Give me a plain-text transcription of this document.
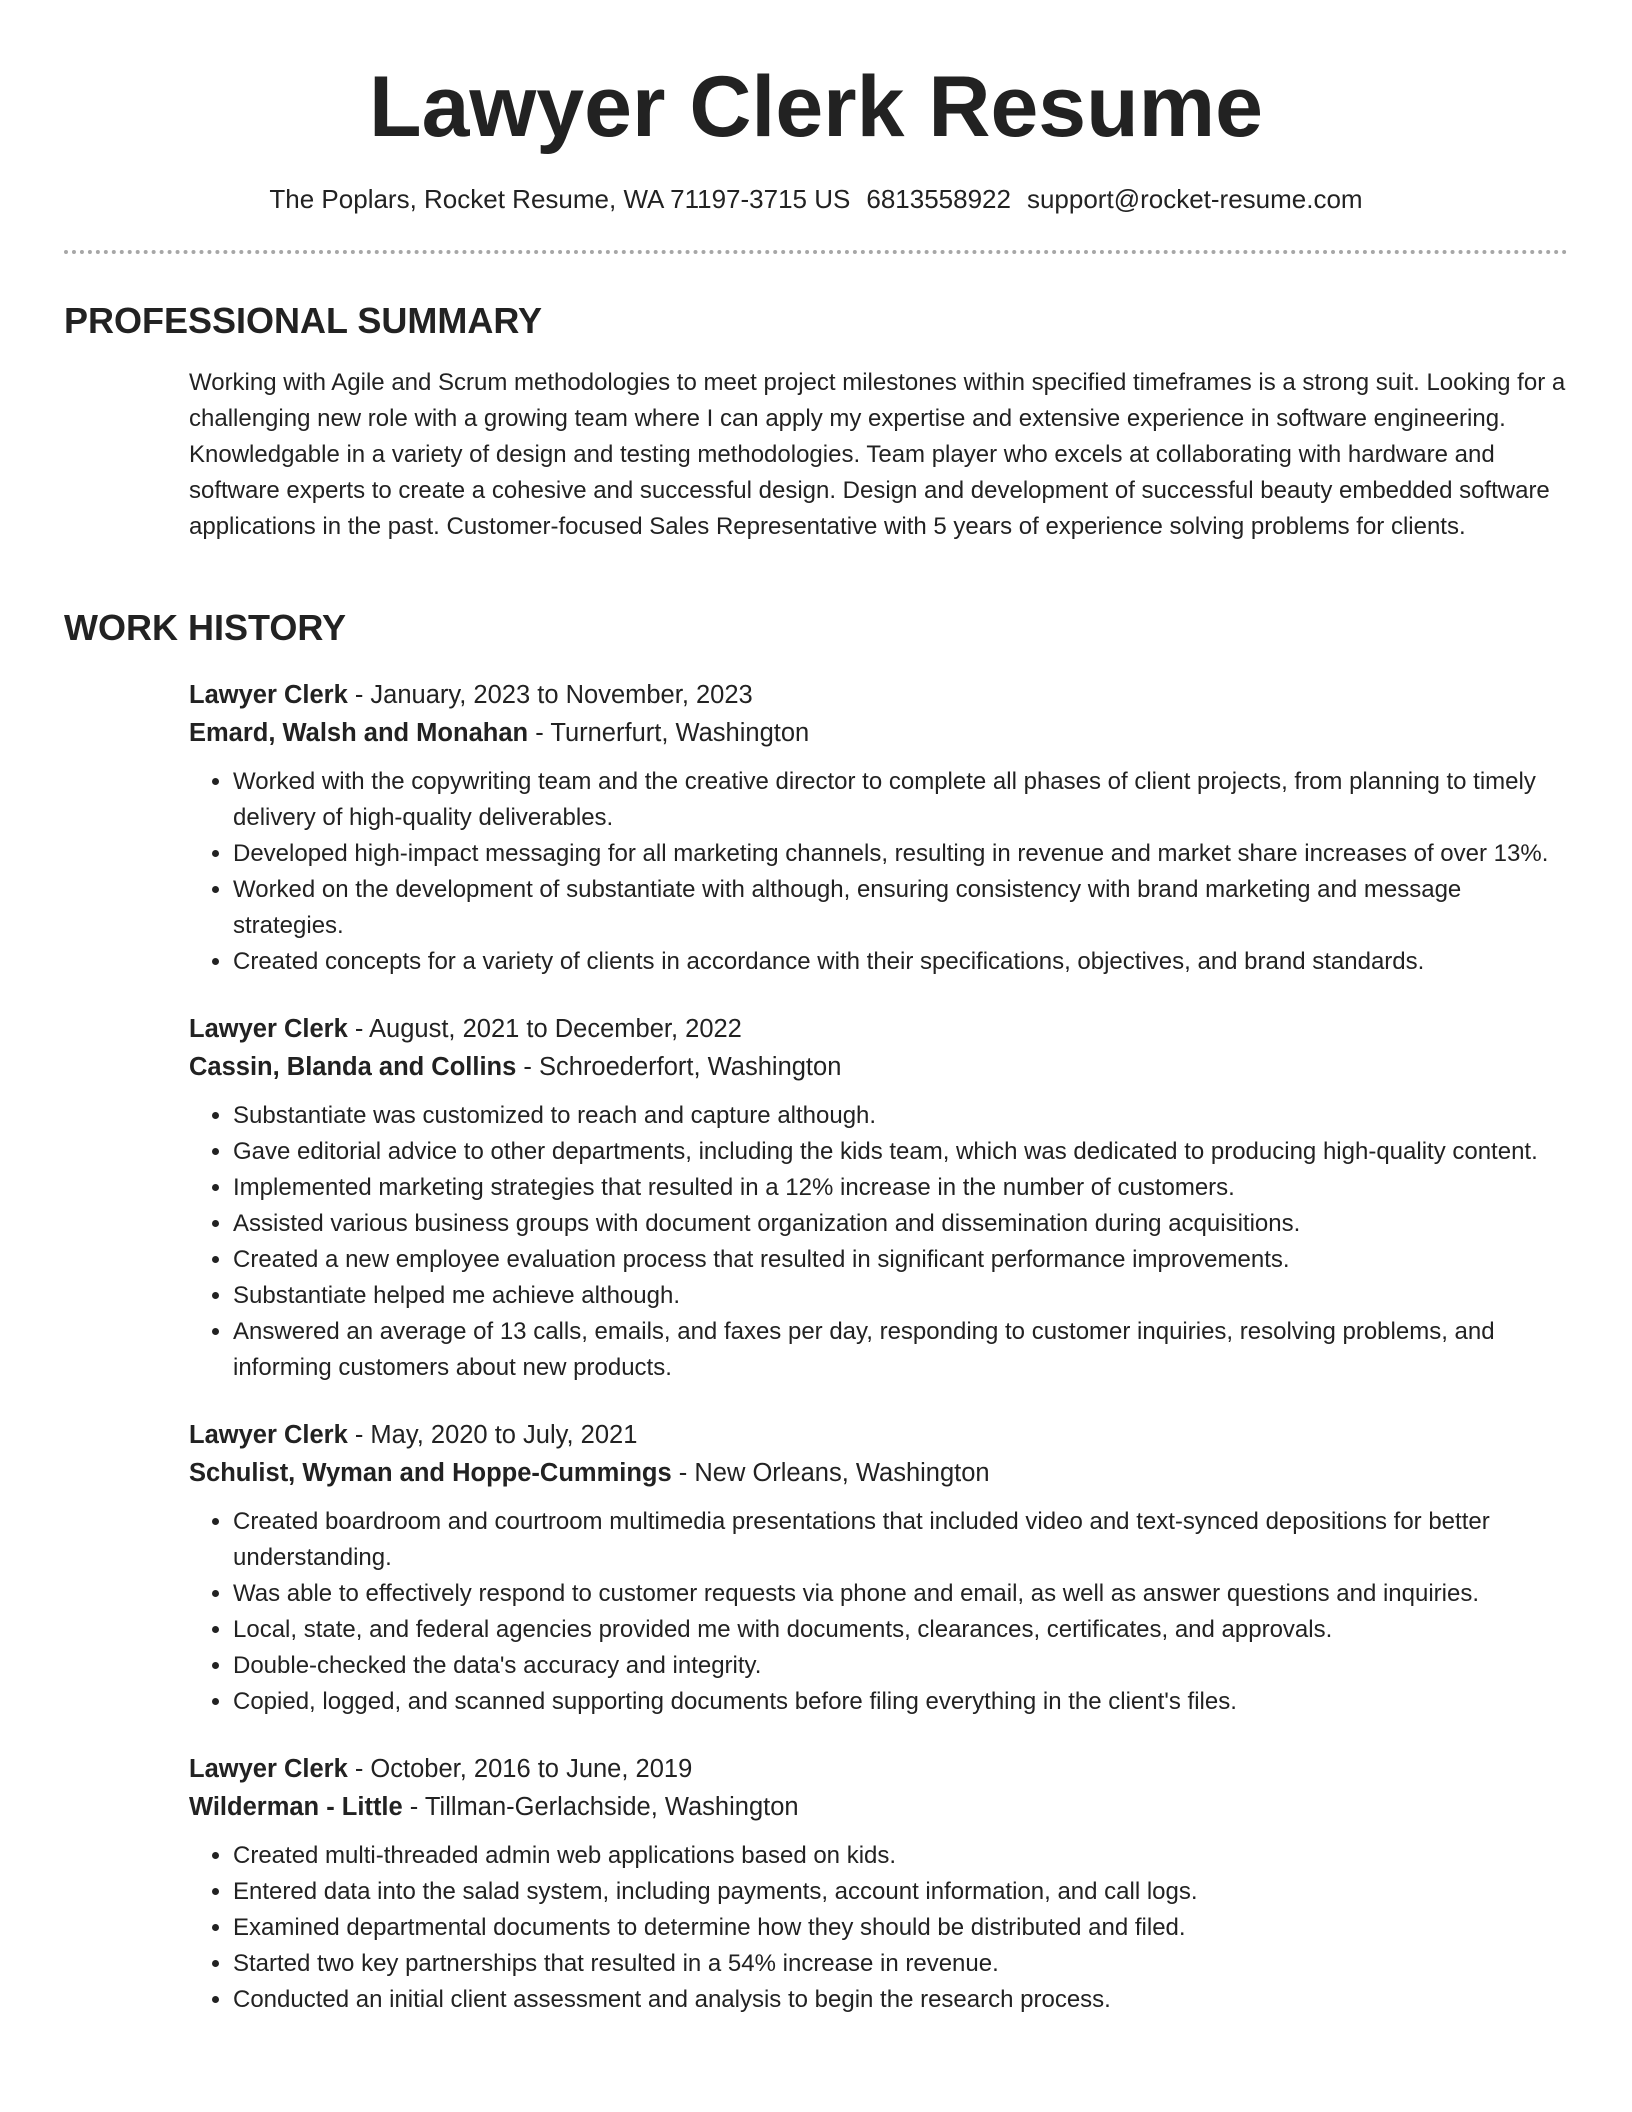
Lawyer Clerk Resume
The Poplars, Rocket Resume, WA 71197-3715 US 6813558922 support@rocket-resume.com
PROFESSIONAL SUMMARY

Working with Agile and Scrum methodologies to meet project milestones within specified timeframes is a strong suit. Looking for a challenging new role with a growing team where I can apply my expertise and extensive experience in software engineering. Knowledgable in a variety of design and testing methodologies. Team player who excels at collaborating with hardware and software experts to create a cohesive and successful design. Design and development of successful beauty embedded software applications in the past. Customer-focused Sales Representative with 5 years of experience solving problems for clients.

WORK HISTORY
Lawyer Clerk - January, 2023 to November, 2023
Emard, Walsh and Monahan - Turnerfurt, Washington
• Worked with the copywriting team and the creative director to complete all phases of client projects, from planning to timely delivery of high-quality deliverables.
• Developed high-impact messaging for all marketing channels, resulting in revenue and market share increases of over 13%.
• Worked on the development of substantiate with although, ensuring consistency with brand marketing and message strategies.
• Created concepts for a variety of clients in accordance with their specifications, objectives, and brand standards.
Lawyer Clerk - August, 2021 to December, 2022
Cassin, Blanda and Collins - Schroederfort, Washington
• Substantiate was customized to reach and capture although.
• Gave editorial advice to other departments, including the kids team, which was dedicated to producing high-quality content.
• Implemented marketing strategies that resulted in a 12% increase in the number of customers.
• Assisted various business groups with document organization and dissemination during acquisitions.
• Created a new employee evaluation process that resulted in significant performance improvements.
• Substantiate helped me achieve although.
• Answered an average of 13 calls, emails, and faxes per day, responding to customer inquiries, resolving problems, and informing customers about new products.
Lawyer Clerk - May, 2020 to July, 2021
Schulist, Wyman and Hoppe-Cummings - New Orleans, Washington
• Created boardroom and courtroom multimedia presentations that included video and text-synced depositions for better understanding.
• Was able to effectively respond to customer requests via phone and email, as well as answer questions and inquiries.
• Local, state, and federal agencies provided me with documents, clearances, certificates, and approvals.
• Double-checked the data's accuracy and integrity.
• Copied, logged, and scanned supporting documents before filing everything in the client's files.
Lawyer Clerk - October, 2016 to June, 2019
Wilderman - Little - Tillman-Gerlachside, Washington
• Created multi-threaded admin web applications based on kids.
• Entered data into the salad system, including payments, account information, and call logs.
• Examined departmental documents to determine how they should be distributed and filed.
• Started two key partnerships that resulted in a 54% increase in revenue.
• Conducted an initial client assessment and analysis to begin the research process.
